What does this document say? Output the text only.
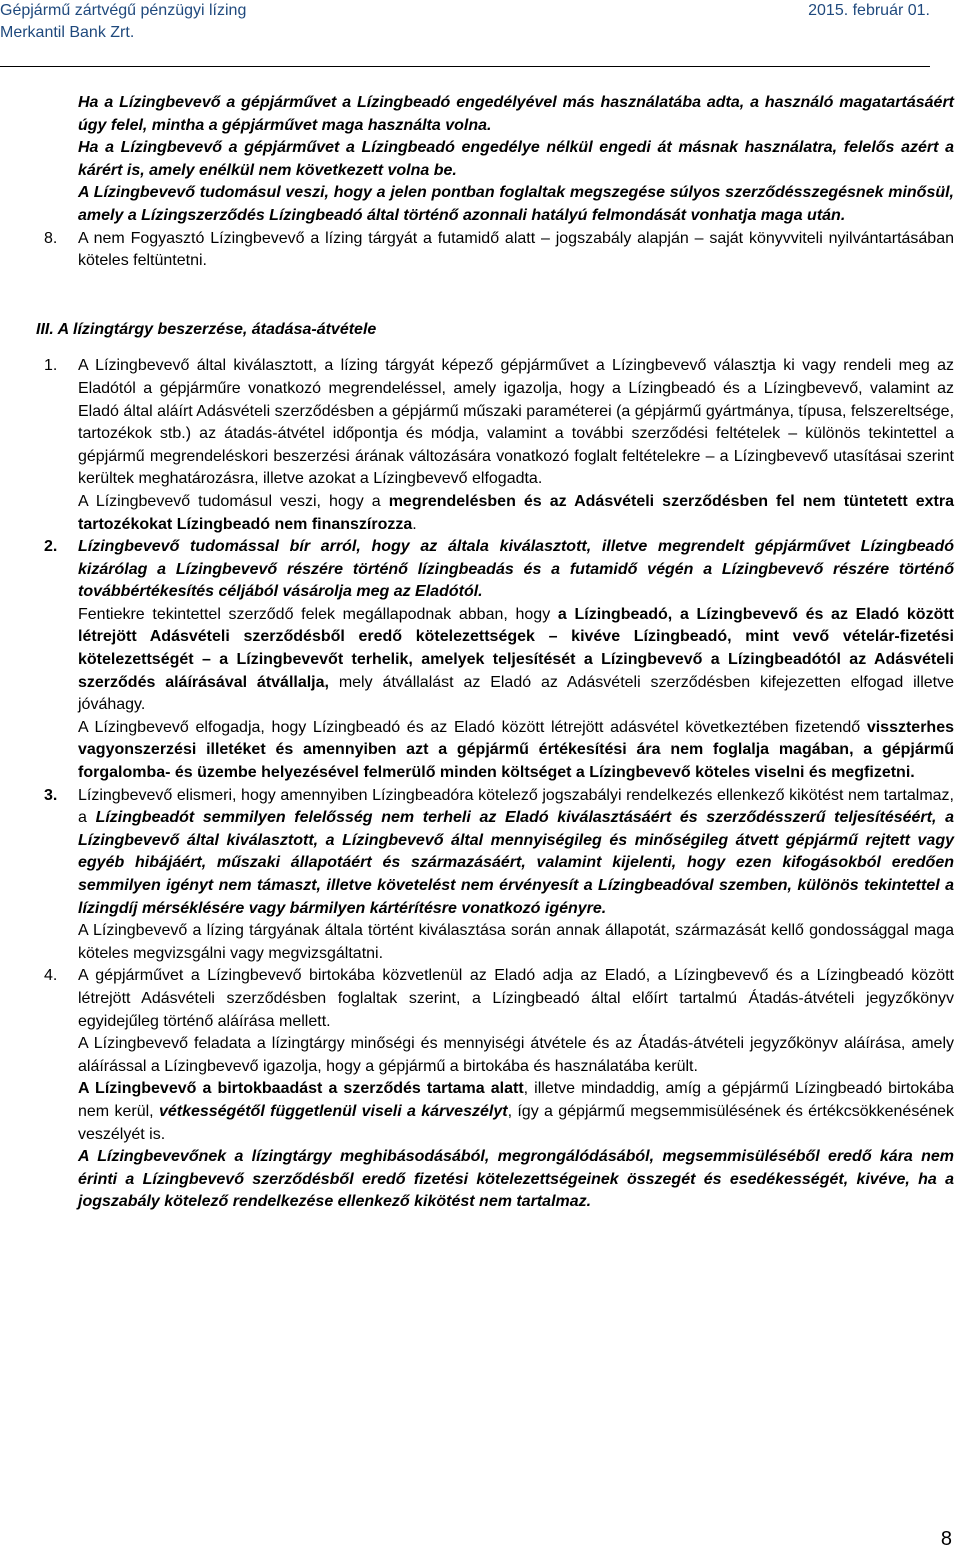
Gépjármű zártvégű pénzügyi lízing
Merkantil Bank Zrt.
2015. február 01.
Ha a Lízingbevevő a gépjárművet a Lízingbeadó engedélyével más használatába adta, a használó magatartásáért úgy felel, mintha a gépjárművet maga használta volna.
Ha a Lízingbevevő a gépjárművet a Lízingbeadó engedélye nélkül engedi át másnak használatra, felelős azért a kárért is, amely enélkül nem következett volna be.
A Lízingbevevő tudomásul veszi, hogy a jelen pontban foglaltak megszegése súlyos szerződésszegésnek minősül, amely a Lízingszerződés Lízingbeadó által történő azonnali hatályú felmondását vonhatja maga után.
8. A nem Fogyasztó Lízingbevevő a lízing tárgyát a futamidő alatt – jogszabály alapján – saját könyvviteli nyilvántartásában köteles feltüntetni.
III. A lízingtárgy beszerzése, átadása-átvétele
1. A Lízingbevevő által kiválasztott, a lízing tárgyát képező gépjárművet a Lízingbevevő választja ki vagy rendeli meg az Eladótól a gépjárműre vonatkozó megrendeléssel, amely igazolja, hogy a Lízingbeadó és a Lízingbevevő, valamint az Eladó által aláírt Adásvételi szerződésben a gépjármű műszaki paraméterei (a gépjármű gyártmánya, típusa, felszereltsége, tartozékok stb.) az átadás-átvétel időpontja és módja, valamint a további szerződési feltételek – különös tekintettel a gépjármű megrendeléskori beszerzési árának változására vonatkozó foglalt feltételekre – a Lízingbevevő utasításai szerint kerültek meghatározásra, illetve azokat a Lízingbevevő elfogadta.
A Lízingbevevő tudomásul veszi, hogy a megrendelésben és az Adásvételi szerződésben fel nem tüntetett extra tartozékokat Lízingbeadó nem finanszírozza.
2. Lízingbevevő tudomással bír arról, hogy az általa kiválasztott, illetve megrendelt gépjárművet Lízingbeadó kizárólag a Lízingbevevő részére történő lízingbeadás és a futamidő végén a Lízingbevevő részére történő továbbértékesítés céljából vásárolja meg az Eladótól.
Fentiekre tekintettel szerződő felek megállapodnak abban, hogy a Lízingbeadó, a Lízingbevevő és az Eladó között létrejött Adásvételi szerződésből eredő kötelezettségek – kivéve Lízingbeadó, mint vevő vételár-fizetési kötelezettségét – a Lízingbevevőt terhelik, amelyek teljesítését a Lízingbevevő a Lízingbeadótól az Adásvételi szerződés aláírásával átvállalja, mely átvállalást az Eladó az Adásvételi szerződésben kifejezetten elfogad illetve jóváhagy.
A Lízingbevevő elfogadja, hogy Lízingbeadó és az Eladó között létrejött adásvétel következtében fizetendő visszterhes vagyonszerzési illetéket és amennyiben azt a gépjármű értékesítési ára nem foglalja magában, a gépjármű forgalomba- és üzembe helyezésével felmerülő minden költséget a Lízingbevevő köteles viselni és megfizetni.
3. Lízingbevevő elismeri, hogy amennyiben Lízingbeadóra kötelező jogszabályi rendelkezés ellenkező kikötést nem tartalmaz, a Lízingbeadót semmilyen felelősség nem terheli az Eladó kiválasztásáért és szerződésszerű teljesítéséért, a Lízingbevevő által kiválasztott, a Lízingbevevő által mennyiségileg és minőségileg átvett gépjármű rejtett vagy egyéb hibájáért, műszaki állapotáért és származásáért, valamint kijelenti, hogy ezen kifogásokból eredően semmilyen igényt nem támaszt, illetve követelést nem érvényesít a Lízingbeadóval szemben, különös tekintettel a lízingdíj mérséklésére vagy bármilyen kártérítésre vonatkozó igényre.
A Lízingbevevő a lízing tárgyának általa történt kiválasztása során annak állapotát, származását kellő gondossággal maga köteles megvizsgálni vagy megvizsgáltatni.
4. A gépjárművet a Lízingbevevő birtokába közvetlenül az Eladó adja az Eladó, a Lízingbevevő és a Lízingbeadó között létrejött Adásvételi szerződésben foglaltak szerint, a Lízingbeadó által előírt tartalmú Átadás-átvételi jegyzőkönyv egyidejűleg történő aláírása mellett.
A Lízingbevevő feladata a lízingtárgy minőségi és mennyiségi átvétele és az Átadás-átvételi jegyzőkönyv aláírása, amely aláírással a Lízingbevevő igazolja, hogy a gépjármű a birtokába és használatába került.
A Lízingbevevő a birtokbaadást a szerződés tartama alatt, illetve mindaddig, amíg a gépjármű Lízingbeadó birtokába nem kerül, vétkességétől függetlenül viseli a kárveszélyt, így a gépjármű megsemmisülésének és értékcsökkenésének veszélyét is.
A Lízingbevevőnek a lízingtárgy meghibásodásából, megrongálódásából, megsemmisüléséből eredő kára nem érinti a Lízingbevevő szerződésből eredő fizetési kötelezettségeinek összegét és esedékességét, kivéve, ha a jogszabály kötelező rendelkezése ellenkező kikötést nem tartalmaz.
8
